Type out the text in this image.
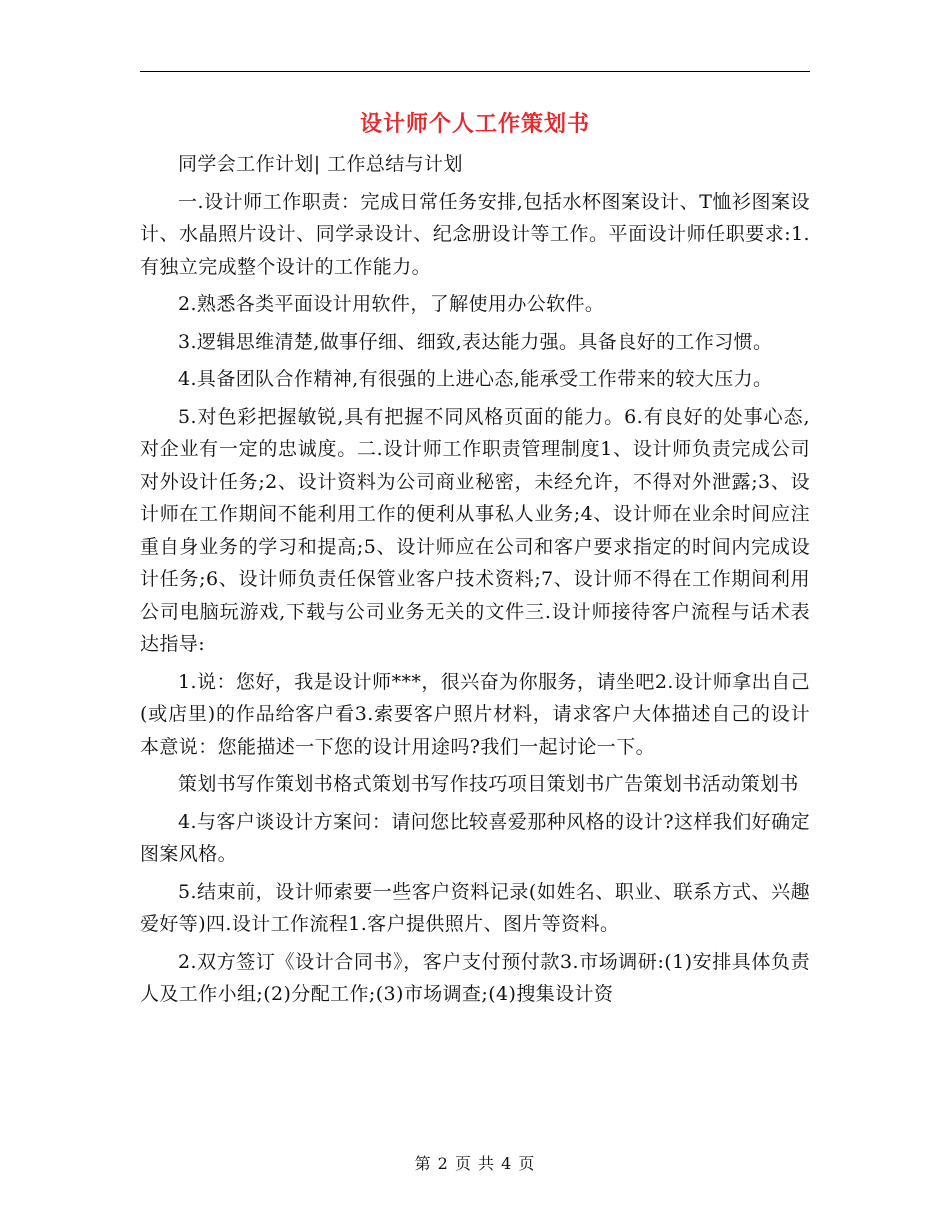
设计师个人工作策划书

同学会工作计划| 工作总结与计划

一.设计师工作职责：完成日常任务安排,包括水杯图案设计、T恤衫图案设计、水晶照片设计、同学录设计、纪念册设计等工作。平面设计师任职要求:1.有独立完成整个设计的工作能力。

2.熟悉各类平面设计用软件，了解使用办公软件。

3.逻辑思维清楚,做事仔细、细致,表达能力强。具备良好的工作习惯。

4.具备团队合作精神,有很强的上进心态,能承受工作带来的较大压力。

5.对色彩把握敏锐,具有把握不同风格页面的能力。6.有良好的处事心态,对企业有一定的忠诚度。二.设计师工作职责管理制度1、设计师负责完成公司对外设计任务;2、设计资料为公司商业秘密，未经允许，不得对外泄露;3、设计师在工作期间不能利用工作的便利从事私人业务;4、设计师在业余时间应注重自身业务的学习和提高;5、设计师应在公司和客户要求指定的时间内完成设计任务;6、设计师负责任保管业客户技术资料;7、设计师不得在工作期间利用公司电脑玩游戏,下载与公司业务无关的文件三.设计师接待客户流程与话术表达指导:

1.说：您好，我是设计师***，很兴奋为你服务，请坐吧2.设计师拿出自己(或店里)的作品给客户看3.索要客户照片材料，请求客户大体描述自己的设计本意说：您能描述一下您的设计用途吗?我们一起讨论一下。

策划书写作策划书格式策划书写作技巧项目策划书广告策划书活动策划书

4.与客户谈设计方案问：请问您比较喜爱那种风格的设计?这样我们好确定图案风格。

5.结束前，设计师索要一些客户资料记录(如姓名、职业、联系方式、兴趣爱好等)四.设计工作流程1.客户提供照片、图片等资料。

2.双方签订《设计合同书》，客户支付预付款3.市场调研:(1)安排具体负责人及工作小组;(2)分配工作;(3)市场调查;(4)搜集设计资

第 2 页 共 4 页
